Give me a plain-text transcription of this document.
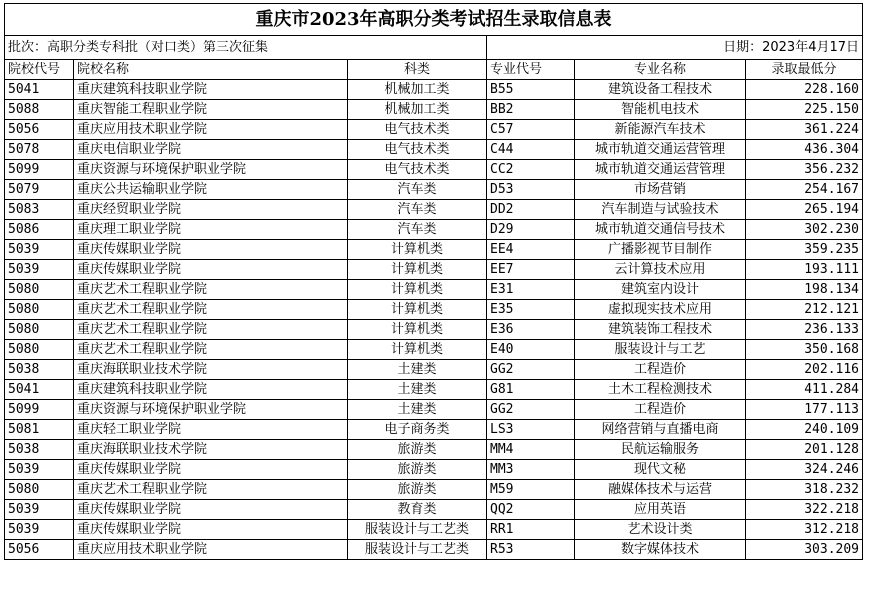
重庆市2023年高职分类考试招生录取信息表					
批次：高职分类专科批（对口类）第三次征集			日期：2023年4月17日		
院校代号	院校名称	科类	专业代号	专业名称	录取最低分
5041	重庆建筑科技职业学院	机械加工类	B55	建筑设备工程技术	228.160
5088	重庆智能工程职业学院	机械加工类	BB2	智能机电技术	225.150
5056	重庆应用技术职业学院	电气技术类	C57	新能源汽车技术	361.224
5078	重庆电信职业学院	电气技术类	C44	城市轨道交通运营管理	436.304
5099	重庆资源与环境保护职业学院	电气技术类	CC2	城市轨道交通运营管理	356.232
5079	重庆公共运输职业学院	汽车类	D53	市场营销	254.167
5083	重庆经贸职业学院	汽车类	DD2	汽车制造与试验技术	265.194
5086	重庆理工职业学院	汽车类	D29	城市轨道交通信号技术	302.230
5039	重庆传媒职业学院	计算机类	EE4	广播影视节目制作	359.235
5039	重庆传媒职业学院	计算机类	EE7	云计算技术应用	193.111
5080	重庆艺术工程职业学院	计算机类	E31	建筑室内设计	198.134
5080	重庆艺术工程职业学院	计算机类	E35	虚拟现实技术应用	212.121
5080	重庆艺术工程职业学院	计算机类	E36	建筑装饰工程技术	236.133
5080	重庆艺术工程职业学院	计算机类	E40	服装设计与工艺	350.168
5038	重庆海联职业技术学院	土建类	GG2	工程造价	202.116
5041	重庆建筑科技职业学院	土建类	G81	土木工程检测技术	411.284
5099	重庆资源与环境保护职业学院	土建类	GG2	工程造价	177.113
5081	重庆轻工职业学院	电子商务类	LS3	网络营销与直播电商	240.109
5038	重庆海联职业技术学院	旅游类	MM4	民航运输服务	201.128
5039	重庆传媒职业学院	旅游类	MM3	现代文秘	324.246
5080	重庆艺术工程职业学院	旅游类	M59	融媒体技术与运营	318.232
5039	重庆传媒职业学院	教育类	QQ2	应用英语	322.218
5039	重庆传媒职业学院	服装设计与工艺类	RR1	艺术设计类	312.218
5056	重庆应用技术职业学院	服装设计与工艺类	R53	数字媒体技术	303.209
